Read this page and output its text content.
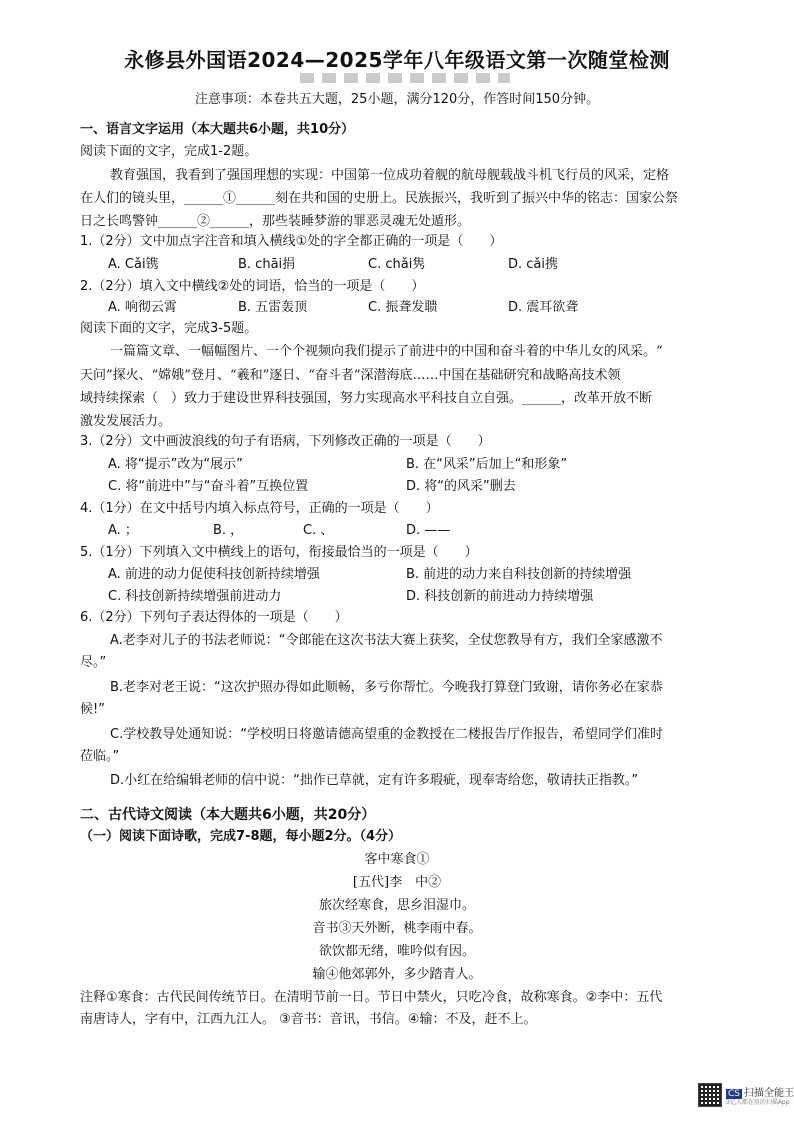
永修县外国语2024—2025学年八年级语文第一次随堂检测
注意事项：本卷共五大题，25小题，满分120分，作答时间150分钟。
一、语言文字运用（本大题共6小题，共10分）
阅读下面的文字，完成1-2题。
教育强国，我看到了强国理想的实现：中国第一位成功着舰的航母舰载战斗机飞行员的风采，定格
在人们的镜头里，______①______刻在共和国的史册上。民族振兴，我听到了振兴中华的铭志：国家公祭
日之长鸣警钟______②______，那些装睡梦游的罪恶灵魂无处遁形。
1.（2分）文中加点字注音和填入横线①处的字全都正确的一项是（　　）
A. Cǎi镌	B. chāi捐	C. chǎi隽	D. cǎi携
2.（2分）填入文中横线②处的词语，恰当的一项是（　　）
A. 响彻云霄	B. 五雷轰顶	C. 振聋发聩	D. 震耳欲聋
阅读下面的文字，完成3-5题。
一篇篇文章、一幅幅图片、一个个视频向我们提示了前进中的中国和奋斗着的中华儿女的风采。“
天问”探火、“嫦娥”登月、“羲和”逐日、“奋斗者”深潜海底……中国在基础研究和战略高技术领
域持续探索（　）致力于建设世界科技强国，努力实现高水平科技自立自强。______，改革开放不断
激发发展活力。
3.（2分）文中画波浪线的句子有语病，下列修改正确的一项是（　　）
A. 将“提示”改为“展示”	B. 在“风采”后加上“和形象”
C. 将“前进中”与“奋斗着”互换位置	D. 将“的风采”删去
4.（1分）在文中括号内填入标点符号，正确的一项是（　　）
A. ；	B. ，	C. 、	D. ——
5.（1分）下列填入文中横线上的语句，衔接最恰当的一项是（　　）
A. 前进的动力促使科技创新持续增强	B. 前进的动力来自科技创新的持续增强
C. 科技创新持续增强前进动力	D. 科技创新的前进动力持续增强
6.（2分）下列句子表达得体的一项是（　　）
A.老李对儿子的书法老师说：“令郎能在这次书法大赛上获奖，全仗您教导有方，我们全家感激不
尽。”
B.老李对老王说：“这次护照办得如此顺畅，多亏你帮忙。今晚我打算登门致谢，请你务必在家恭
候!”
C.学校教导处通知说：“学校明日将邀请德高望重的金教授在二楼报告厅作报告，希望同学们准时
莅临。”
D.小红在给编辑老师的信中说：“拙作已草就，定有许多瑕疵，现奉寄给您，敬请扶正指教。”
二、古代诗文阅读（本大题共6小题，共20分）
（一）阅读下面诗歌，完成7-8题，每小题2分。（4分）
客中寒食①
[五代]李　中②
旅次经寒食，思乡泪湿巾。
音书③天外断，桃李雨中春。
欲饮都无绪，唯吟似有因。
输④他郊郭外，多少踏青人。
注释①寒食：古代民间传统节日。在清明节前一日。节日中禁火，只吃冷食，故称寒食。②李中：五代
南唐诗人，字有中，江西九江人。 ③音书：音讯，书信。④输：不及，赶不上。
CS 扫描全能王
3亿人都在用的扫描App
